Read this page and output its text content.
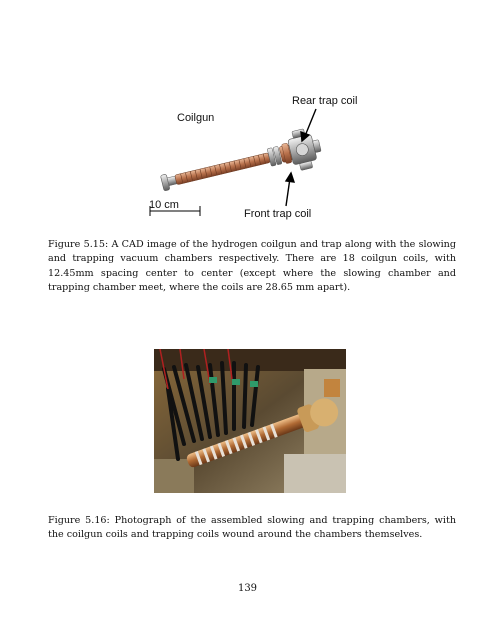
Rear trap coil
Coilgun
10 cm
Front trap coil

Figure 5.15: A CAD image of the hydrogen coilgun and trap along with the slowing and trapping vacuum chambers respectively. There are 18 coilgun coils, with 12.45mm spacing center to center (except where the slowing chamber and trapping chamber meet, where the coils are 28.65 mm apart).

Figure 5.16: Photograph of the assembled slowing and trapping chambers, with the coilgun coils and trapping coils wound around the chambers themselves.

139
